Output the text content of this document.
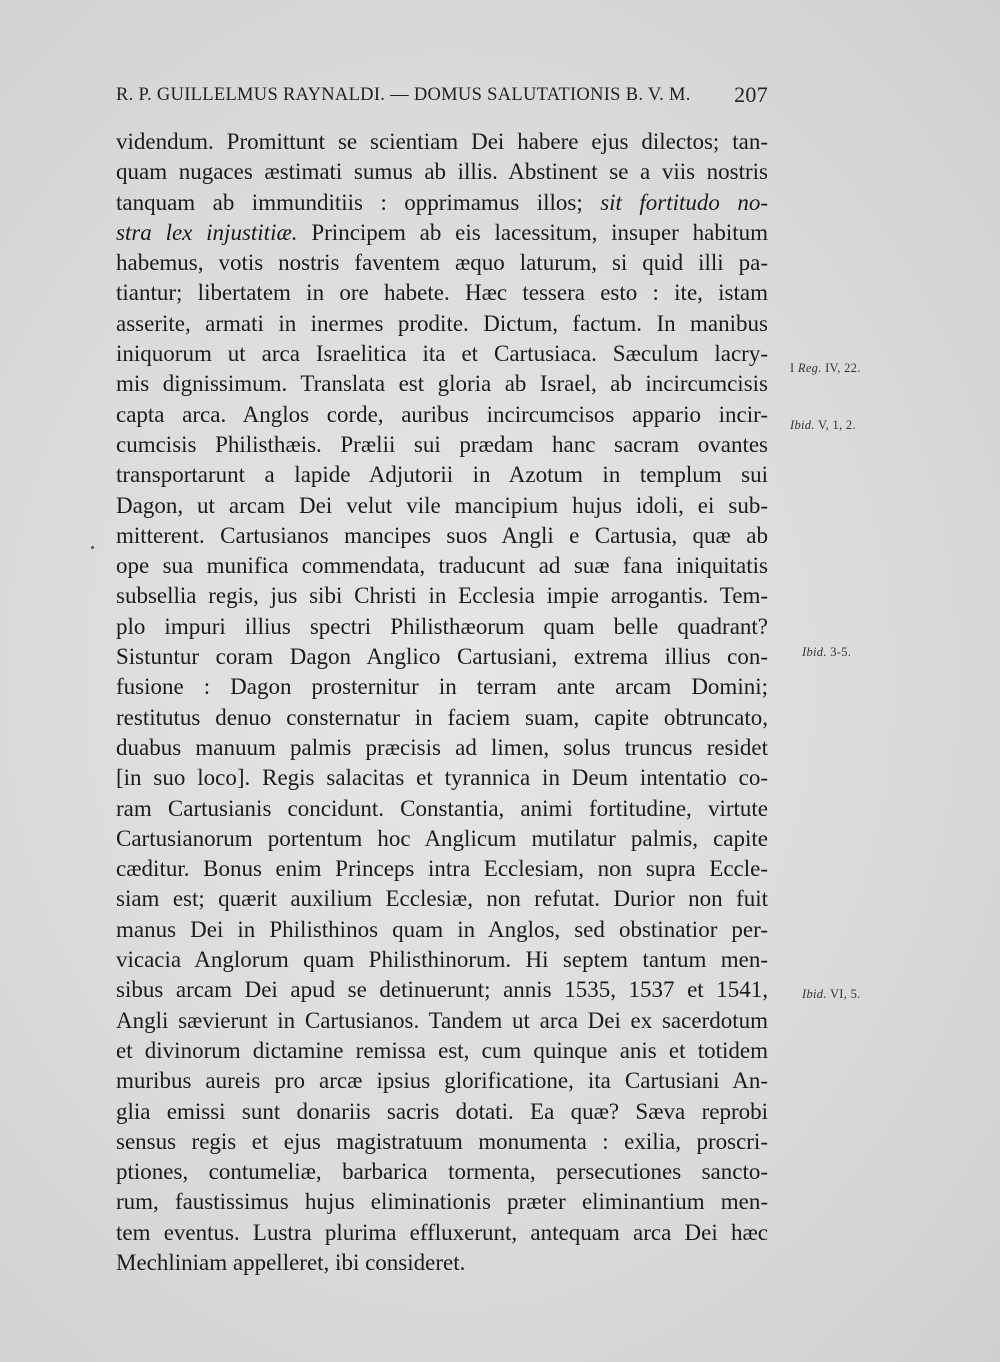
R. P. GUILLELMUS RAYNALDI. — DOMUS SALUTATIONIS B. V. M. 207
videndum. Promittunt se scientiam Dei habere ejus dilectos; tan-
quam nugaces æstimati sumus ab illis. Abstinent se a viis nostris
tanquam ab immunditiis : opprimamus illos; sit fortitudo no-
stra lex injustitiæ. Principem ab eis lacessitum, insuper habitum
habemus, votis nostris faventem æquo laturum, si quid illi pa-
tiantur; libertatem in ore habete. Hæc tessera esto : ite, istam
asserite, armati in inermes prodite. Dictum, factum. In manibus
iniquorum ut arca Israelitica ita et Cartusiaca. Sæculum lacry-
mis dignissimum. Translata est gloria ab Israel, ab incircumcisis
capta arca. Anglos corde, auribus incircumcisos appario incir-
cumcisis Philisthæis. Prælii sui prædam hanc sacram ovantes
transportarunt a lapide Adjutorii in Azotum in templum sui
Dagon, ut arcam Dei velut vile mancipium hujus idoli, ei sub-
mitterent. Cartusianos mancipes suos Angli e Cartusia, quæ ab
ope sua munifica commendata, traducunt ad suæ fana iniquitatis
subsellia regis, jus sibi Christi in Ecclesia impie arrogantis. Tem-
plo impuri illius spectri Philisthæorum quam belle quadrant?
Sistuntur coram Dagon Anglico Cartusiani, extrema illius con-
fusione : Dagon prosternitur in terram ante arcam Domini;
restitutus denuo consternatur in faciem suam, capite obtruncato,
duabus manuum palmis præcisis ad limen, solus truncus residet
[in suo loco]. Regis salacitas et tyrannica in Deum intentatio co-
ram Cartusianis concidunt. Constantia, animi fortitudine, virtute
Cartusianorum portentum hoc Anglicum mutilatur palmis, capite
cæditur. Bonus enim Princeps intra Ecclesiam, non supra Eccle-
siam est; quærit auxilium Ecclesiæ, non refutat. Durior non fuit
manus Dei in Philisthinos quam in Anglos, sed obstinatior per-
vicacia Anglorum quam Philisthinorum. Hi septem tantum men-
sibus arcam Dei apud se detinuerunt; annis 1535, 1537 et 1541,
Angli sævierunt in Cartusianos. Tandem ut arca Dei ex sacerdotum
et divinorum dictamine remissa est, cum quinque anis et totidem
muribus aureis pro arcæ ipsius glorificatione, ita Cartusiani An-
glia emissi sunt donariis sacris dotati. Ea quæ? Sæva reprobi
sensus regis et ejus magistratuum monumenta : exilia, proscri-
ptiones, contumeliæ, barbarica tormenta, persecutiones sancto-
rum, faustissimus hujus eliminationis præter eliminantium men-
tem eventus. Lustra plurima effluxerunt, antequam arca Dei hæc
Mechliniam appelleret, ibi consideret.
I Reg. IV, 22.
Ibid. V, 1, 2.
Ibid. 3-5.
Ibid. VI, 5.
